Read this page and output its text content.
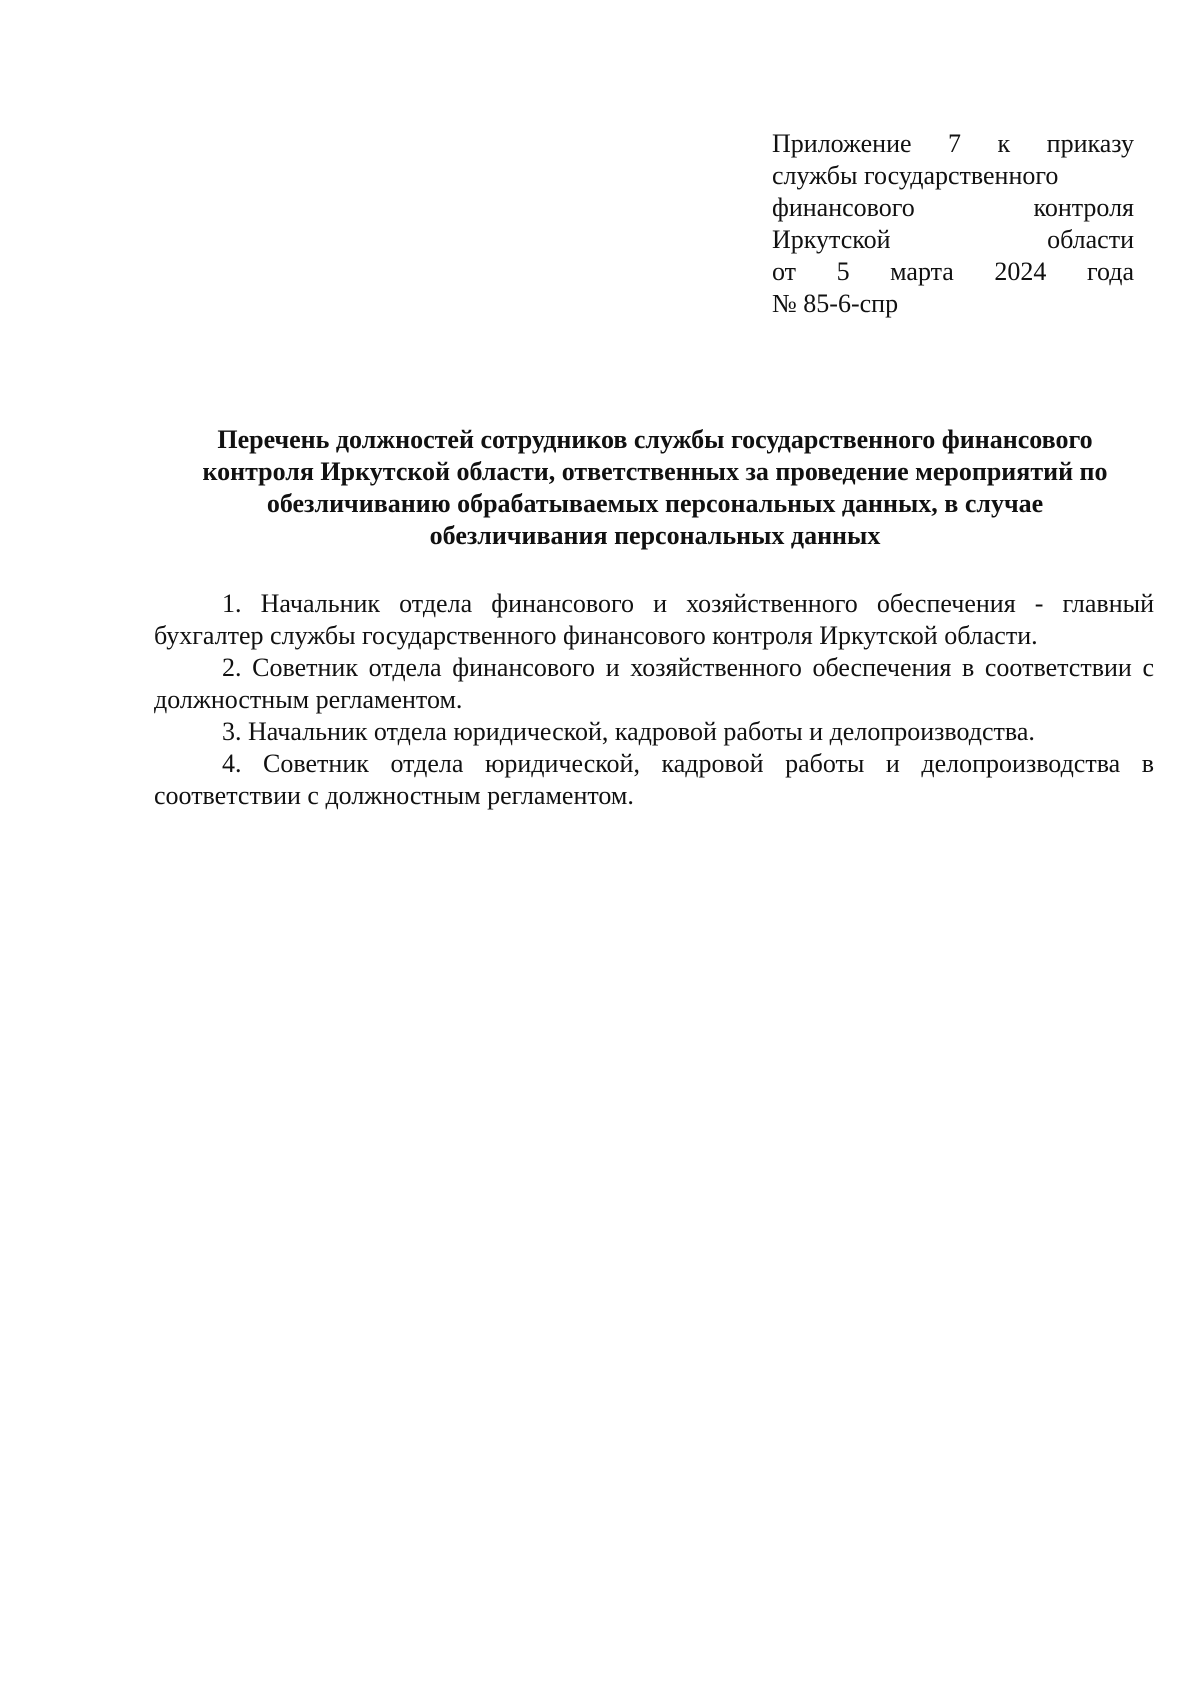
Приложение 7 к приказу
службы государственного
финансового контроля
Иркутской области
от 5 марта 2024 года
№ 85-6-спр
Перечень должностей сотрудников службы государственного финансового
контроля Иркутской области, ответственных за проведение мероприятий по
обезличиванию обрабатываемых персональных данных, в случае
обезличивания персональных данных

1. Начальник отдела финансового и хозяйственного обеспечения - главный бухгалтер службы государственного финансового контроля Иркутской области.

2. Советник отдела финансового и хозяйственного обеспечения в соответствии с должностным регламентом.

3. Начальник отдела юридической, кадровой работы и делопроизводства.

4. Советник отдела юридической, кадровой работы и делопроизводства в соответствии с должностным регламентом.
